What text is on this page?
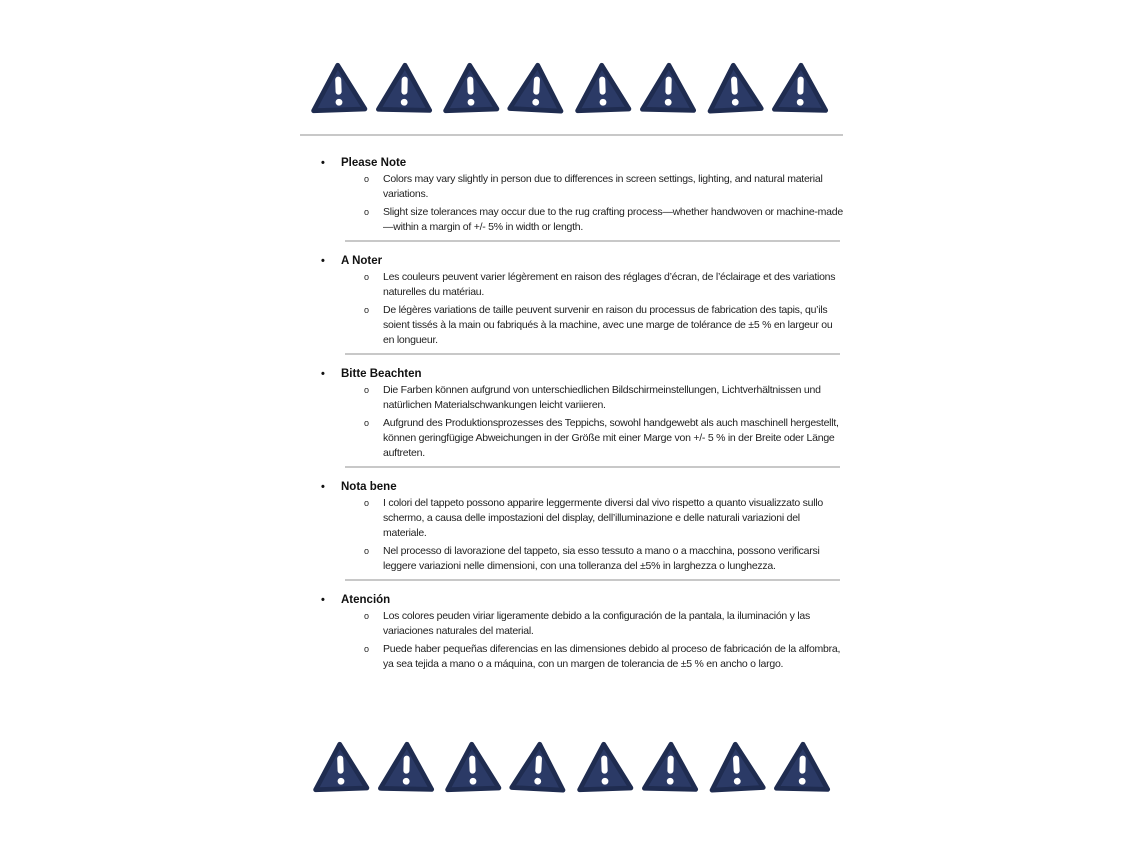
•	Please Note
o	Colors may vary slightly in person due to differences in screen settings, lighting, and natural material variations.
o	Slight size tolerances may occur due to the rug crafting process—whether handwoven or machine-made—within a margin of +/- 5% in width or length.
•	A Noter
o	Les couleurs peuvent varier légèrement en raison des réglages d’écran, de l’éclairage et des variations naturelles du matériau.
o	De légères variations de taille peuvent survenir en raison du processus de fabrication des tapis, qu’ils soient tissés à la main ou fabriqués à la machine, avec une marge de tolérance de ±5 % en largeur ou en longueur.
•	Bitte Beachten
o	Die Farben können aufgrund von unterschiedlichen Bildschirmeinstellungen, Lichtverhältnissen und natürlichen Materialschwankungen leicht variieren.
o	Aufgrund des Produktionsprozesses des Teppichs, sowohl handgewebt als auch maschinell hergestellt, können geringfügige Abweichungen in der Größe mit einer Marge von +/- 5 % in der Breite oder Länge auftreten.
•	Nota bene
o	I colori del tappeto possono apparire leggermente diversi dal vivo rispetto a quanto visualizzato sullo schermo, a causa delle impostazioni del display, dell’illuminazione e delle naturali variazioni del materiale.
o	Nel processo di lavorazione del tappeto, sia esso tessuto a mano o a macchina, possono verificarsi leggere variazioni nelle dimensioni, con una tolleranza del ±5% in larghezza o lunghezza.
•	Atención
o	Los colores peuden viriar ligeramente debido a la configuración de la pantala, la iluminación y las variaciones naturales del material.
o	Puede haber pequeñas diferencias en las dimensiones debido al proceso de fabricación de la alfombra, ya sea tejida a mano o a máquina, con un margen de tolerancia de ±5 % en ancho o largo.
